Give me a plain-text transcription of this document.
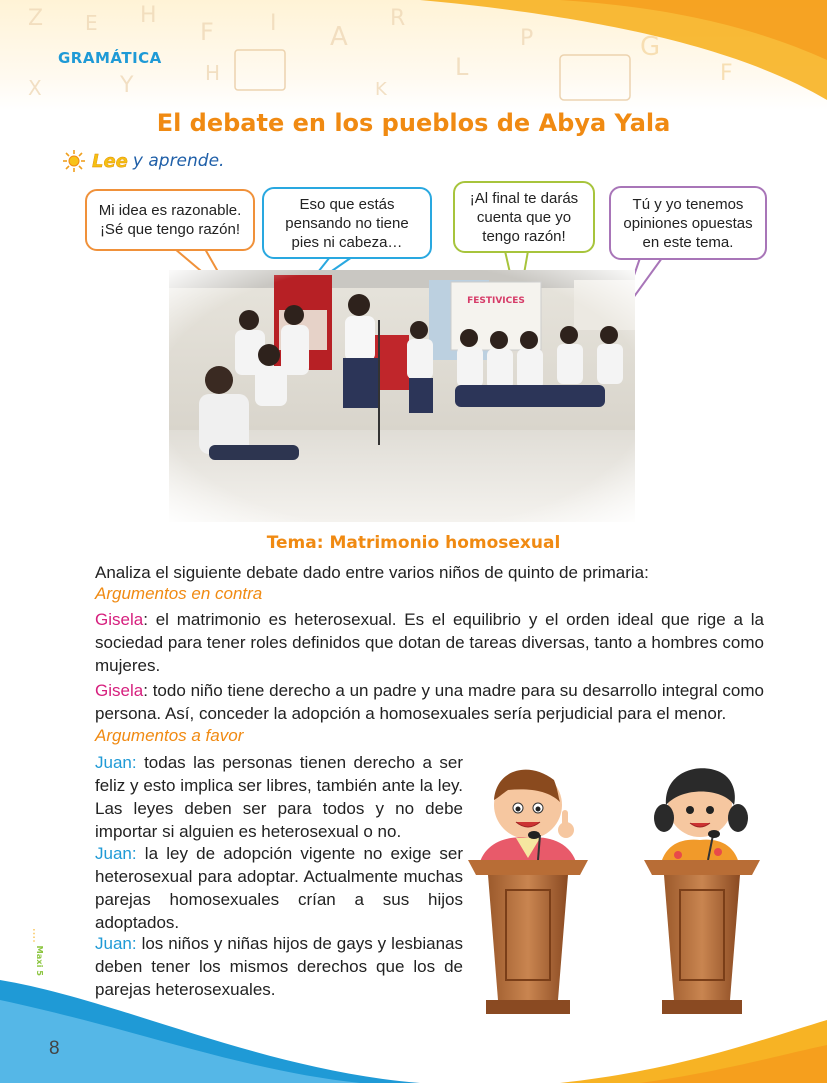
Z E H
F	I A
R
L
P	G
F
X	Y	H
K
GRAMÁTICA
El debate en los pueblos de Abya Yala
Lee y aprende.
Mi idea es razonable.
¡Sé que tengo razón!
Eso que estás
pensando no tiene
pies ni cabeza…
¡Al final te darás
cuenta que yo
tengo razón!
Tú y yo tenemos
opiniones opuestas
en este tema.
Tema: Matrimonio homosexual
Analiza el siguiente debate dado entre varios niños de quinto de primaria:
Argumentos en contra
Gisela: el matrimonio es heterosexual. Es el equilibrio y el orden ideal que rige a la sociedad para tener roles definidos que dotan de tareas diversas, tanto a hombres como mujeres.
Gisela: todo niño tiene derecho a un padre y una madre para su desarrollo integral como persona. Así, conceder la adopción a homosexuales sería perjudicial para el menor.
Argumentos a favor
Juan: todas las personas tienen derecho a ser feliz y esto implica ser libres, también ante la ley. Las leyes deben ser para todos y no debe importar si alguien es heterosexual o no.
Juan: la ley de adopción vigente no exige ser heterosexual para adoptar. Actualmente muchas parejas homosexuales crían a sus hijos adoptados.
Juan: los niños y niñas hijos de gays y lesbianas deben tener los mismos derechos que los de parejas heterosexuales.
Maxi 5
8
